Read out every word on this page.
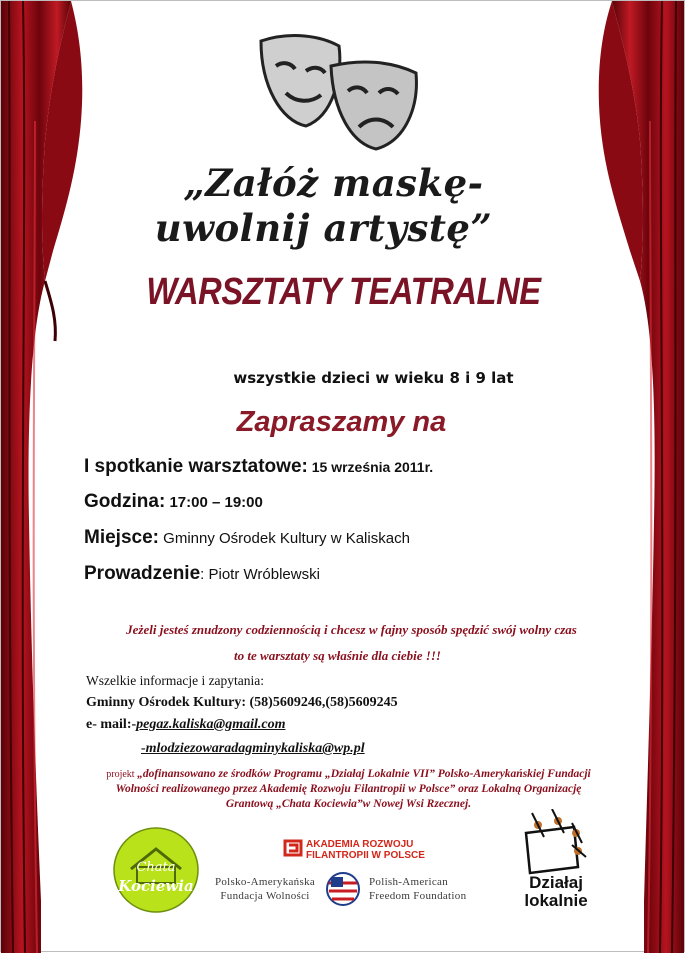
„Załóż maskę-
uwolnij artystę”
WARSZTATY TEATRALNE
wszystkie dzieci w wieku 8 i 9 lat
Zapraszamy na
I spotkanie warsztatowe: 15 września 2011r.
Godzina: 17:00 – 19:00
Miejsce: Gminny Ośrodek Kultury w Kaliskach
Prowadzenie: Piotr Wróblewski
Jeżeli jesteś znudzony codziennością i chcesz w fajny sposób spędzić swój wolny czas
to te warsztaty są właśnie dla ciebie !!!
Wszelkie informacje i zapytania:
Gminny Ośrodek Kultury: (58)5609246,(58)5609245
e- mail:-pegaz.kaliska@gmail.com
-mlodziezowaradagminykaliska@wp.pl
projekt „dofinansowano ze środków Programu „Działaj Lokalnie VII” Polsko-Amerykańskiej Fundacji Wolności realizowanego przez Akademię Rozwoju Filantropii w Polsce” oraz Lokalną Organizację Grantową „Chata Kociewia”w Nowej Wsi Rzecznej.
Chata
Kociewia
AKADEMIA ROZWOJU
FILANTROPII W POLSCE
Polsko-Amerykańska
Fundacja Wolności
Polish-American
Freedom Foundation
Działaj
lokalnie
